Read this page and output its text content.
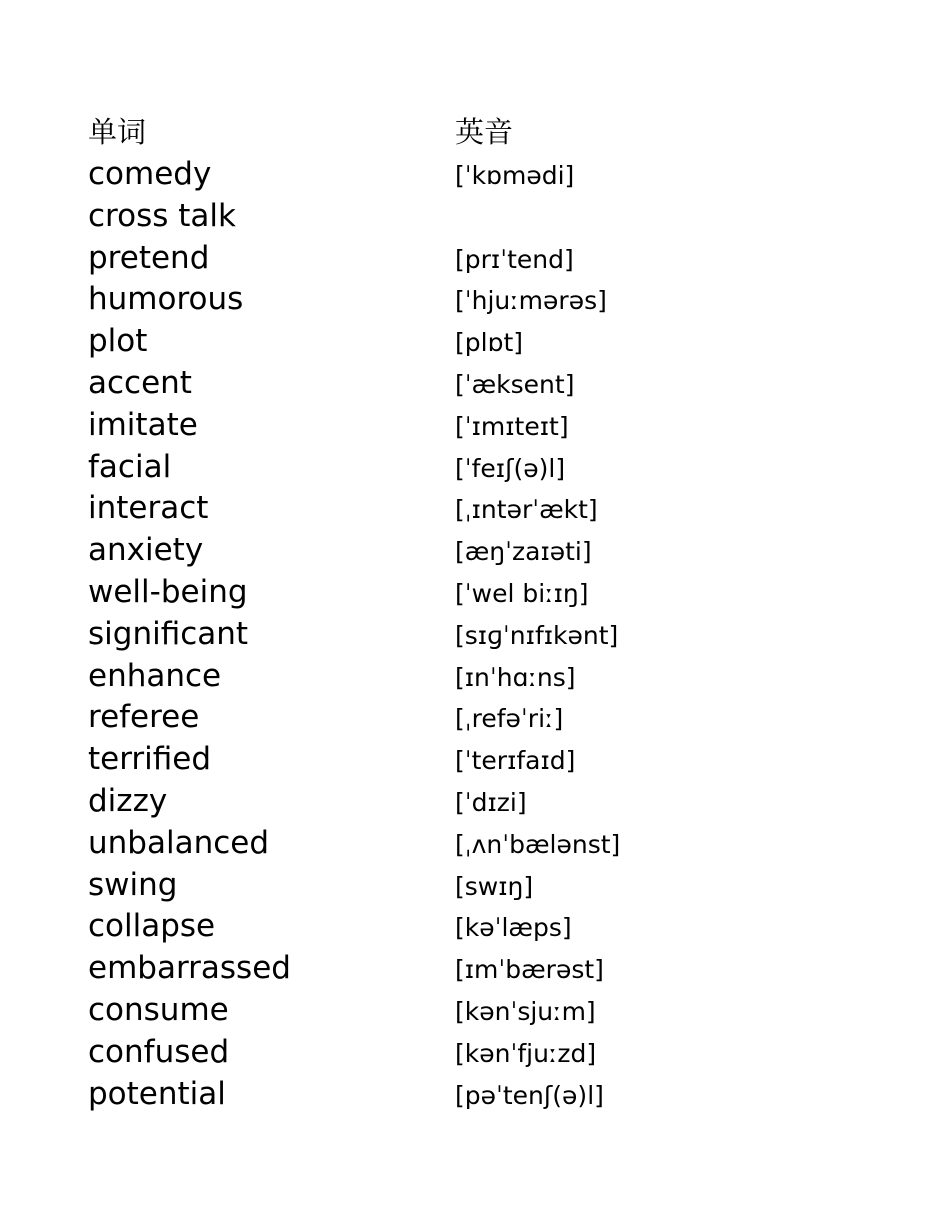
单词	英音
comedy	[ˈkɒmədi]
cross talk
pretend	[prɪˈtend]
humorous	[ˈhjuːmərəs]
plot	[plɒt]
accent	[ˈæksent]
imitate	[ˈɪmɪteɪt]
facial	[ˈfeɪʃ(ə)l]
interact	[ˌɪntərˈækt]
anxiety	[æŋˈzaɪəti]
well-being	[ˈwel biːɪŋ]
significant	[sɪɡˈnɪfɪkənt]
enhance	[ɪnˈhɑːns]
referee	[ˌrefəˈriː]
terrified	[ˈterɪfaɪd]
dizzy	[ˈdɪzi]
unbalanced	[ˌʌnˈbælənst]
swing	[swɪŋ]
collapse	[kəˈlæps]
embarrassed	[ɪmˈbærəst]
consume	[kənˈsjuːm]
confused	[kənˈfjuːzd]
potential	[pəˈtenʃ(ə)l]
